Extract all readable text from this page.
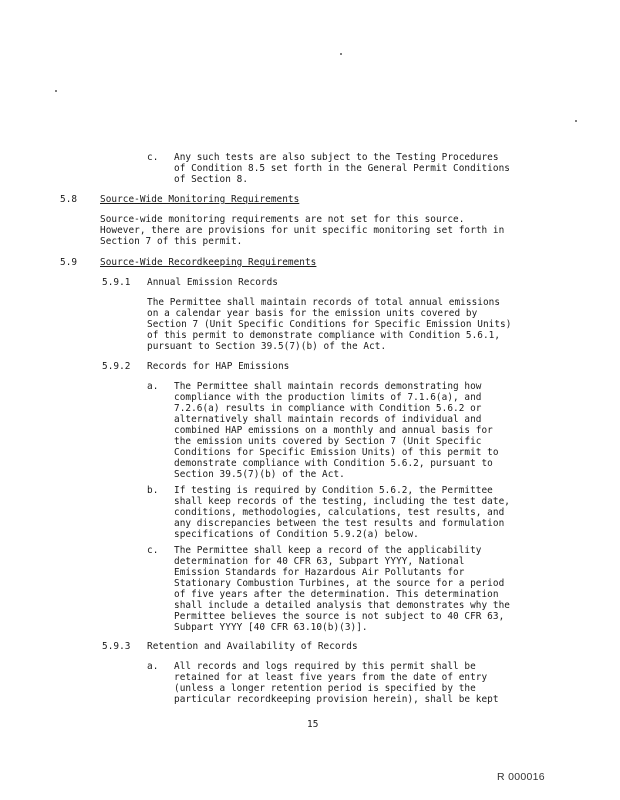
c. Any such tests are also subject to the Testing Procedures
of Condition 8.5 set forth in the General Permit Conditions
of Section 8.
5.8 Source-Wide Monitoring Requirements
Source-wide monitoring requirements are not set for this source.
However, there are provisions for unit specific monitoring set forth in
Section 7 of this permit.
5.9 Source-Wide Recordkeeping Requirements
5.9.1 Annual Emission Records
The Permittee shall maintain records of total annual emissions
on a calendar year basis for the emission units covered by
Section 7 (Unit Specific Conditions for Specific Emission Units)
of this permit to demonstrate compliance with Condition 5.6.1,
pursuant to Section 39.5(7)(b) of the Act.
5.9.2 Records for HAP Emissions
a. The Permittee shall maintain records demonstrating how
compliance with the production limits of 7.1.6(a), and
7.2.6(a) results in compliance with Condition 5.6.2 or
alternatively shall maintain records of individual and
combined HAP emissions on a monthly and annual basis for
the emission units covered by Section 7 (Unit Specific
Conditions for Specific Emission Units) of this permit to
demonstrate compliance with Condition 5.6.2, pursuant to
Section 39.5(7)(b) of the Act.
b. If testing is required by Condition 5.6.2, the Permittee
shall keep records of the testing, including the test date,
conditions, methodologies, calculations, test results, and
any discrepancies between the test results and formulation
specifications of Condition 5.9.2(a) below.
c. The Permittee shall keep a record of the applicability
determination for 40 CFR 63, Subpart YYYY, National
Emission Standards for Hazardous Air Pollutants for
Stationary Combustion Turbines, at the source for a period
of five years after the determination. This determination
shall include a detailed analysis that demonstrates why the
Permittee believes the source is not subject to 40 CFR 63,
Subpart YYYY [40 CFR 63.10(b)(3)].
5.9.3 Retention and Availability of Records
a. All records and logs required by this permit shall be
retained for at least five years from the date of entry
(unless a longer retention period is specified by the
particular recordkeeping provision herein), shall be kept
15
R 000016
